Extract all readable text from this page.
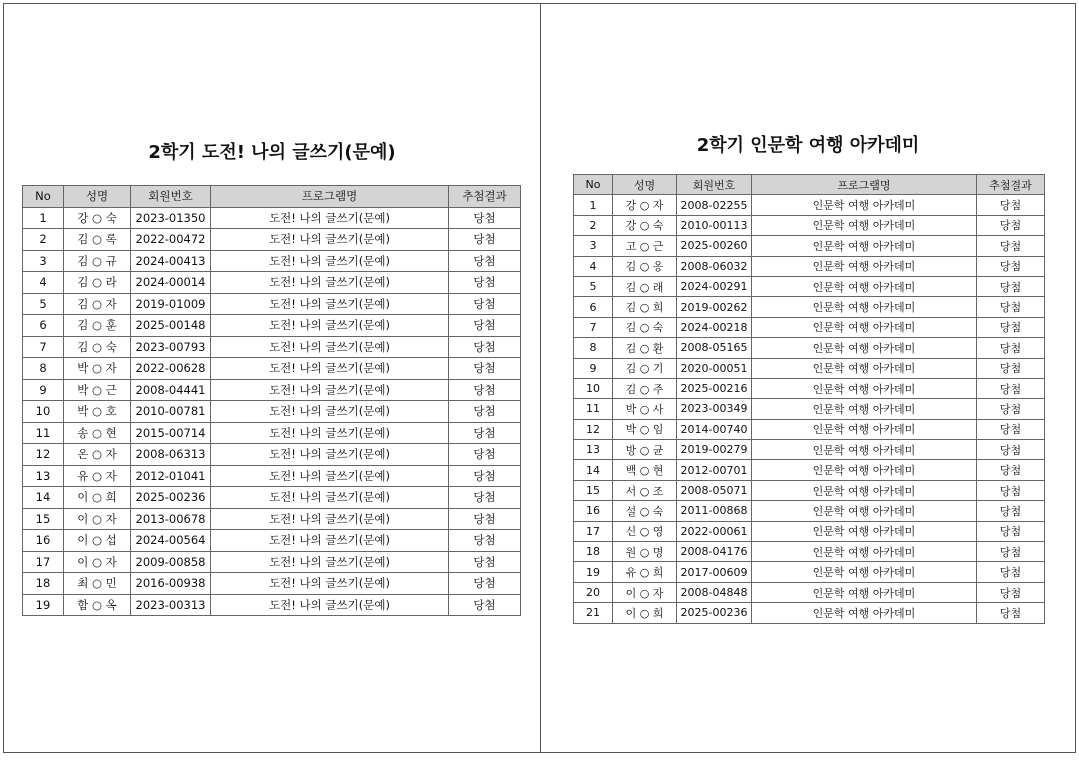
2학기 도전! 나의 글쓰기(문예)
No	성명	회원번호	프로그램명	추첨결과
1	강 ○ 숙	2023-01350	도전! 나의 글쓰기(문예)	당첨
2	김 ○ 록	2022-00472	도전! 나의 글쓰기(문예)	당첨
3	김 ○ 규	2024-00413	도전! 나의 글쓰기(문예)	당첨
4	김 ○ 라	2024-00014	도전! 나의 글쓰기(문예)	당첨
5	김 ○ 자	2019-01009	도전! 나의 글쓰기(문예)	당첨
6	김 ○ 훈	2025-00148	도전! 나의 글쓰기(문예)	당첨
7	김 ○ 숙	2023-00793	도전! 나의 글쓰기(문예)	당첨
8	박 ○ 자	2022-00628	도전! 나의 글쓰기(문예)	당첨
9	박 ○ 근	2008-04441	도전! 나의 글쓰기(문예)	당첨
10	박 ○ 호	2010-00781	도전! 나의 글쓰기(문예)	당첨
11	송 ○ 현	2015-00714	도전! 나의 글쓰기(문예)	당첨
12	온 ○ 자	2008-06313	도전! 나의 글쓰기(문예)	당첨
13	유 ○ 자	2012-01041	도전! 나의 글쓰기(문예)	당첨
14	이 ○ 희	2025-00236	도전! 나의 글쓰기(문예)	당첨
15	이 ○ 자	2013-00678	도전! 나의 글쓰기(문예)	당첨
16	이 ○ 섭	2024-00564	도전! 나의 글쓰기(문예)	당첨
17	이 ○ 자	2009-00858	도전! 나의 글쓰기(문예)	당첨
18	최 ○ 민	2016-00938	도전! 나의 글쓰기(문예)	당첨
19	함 ○ 옥	2023-00313	도전! 나의 글쓰기(문예)	당첨
2학기 인문학 여행 아카데미
No	성명	회원번호	프로그램명	추첨결과
1	강 ○ 자	2008-02255	인문학 여행 아카데미	당첨
2	강 ○ 숙	2010-00113	인문학 여행 아카데미	당첨
3	고 ○ 근	2025-00260	인문학 여행 아카데미	당첨
4	김 ○ 옹	2008-06032	인문학 여행 아카데미	당첨
5	김 ○ 래	2024-00291	인문학 여행 아카데미	당첨
6	김 ○ 희	2019-00262	인문학 여행 아카데미	당첨
7	김 ○ 숙	2024-00218	인문학 여행 아카데미	당첨
8	김 ○ 환	2008-05165	인문학 여행 아카데미	당첨
9	김 ○ 기	2020-00051	인문학 여행 아카데미	당첨
10	김 ○ 주	2025-00216	인문학 여행 아카데미	당첨
11	박 ○ 사	2023-00349	인문학 여행 아카데미	당첨
12	박 ○ 임	2014-00740	인문학 여행 아카데미	당첨
13	방 ○ 균	2019-00279	인문학 여행 아카데미	당첨
14	백 ○ 현	2012-00701	인문학 여행 아카데미	당첨
15	서 ○ 조	2008-05071	인문학 여행 아카데미	당첨
16	설 ○ 숙	2011-00868	인문학 여행 아카데미	당첨
17	신 ○ 영	2022-00061	인문학 여행 아카데미	당첨
18	원 ○ 명	2008-04176	인문학 여행 아카데미	당첨
19	유 ○ 희	2017-00609	인문학 여행 아카데미	당첨
20	이 ○ 자	2008-04848	인문학 여행 아카데미	당첨
21	이 ○ 희	2025-00236	인문학 여행 아카데미	당첨
